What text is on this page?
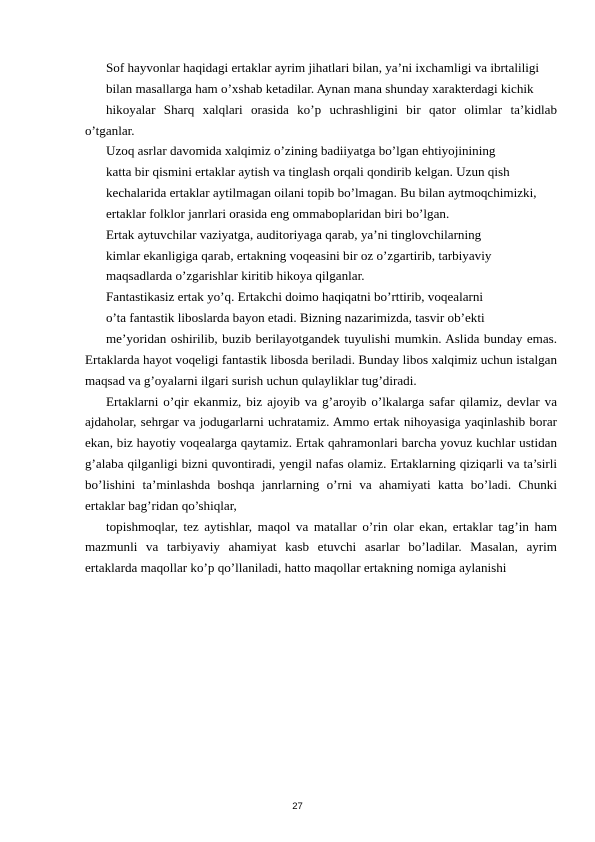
Sof hayvonlar haqidagi ertaklar ayrim jihatlari bilan, ya’ni ixchamligi va ibrtaliligi

bilan masallarga ham o’xshab ketadilar. Aynan mana shunday xarakterdagi kichik

hikoyalar Sharq xalqlari orasida ko’p uchrashligini bir qator olimlar ta’kidlab o’tganlar.

Uzoq asrlar davomida xalqimiz o’zining badiiyatga bo’lgan ehtiyojinining

katta bir qismini ertaklar aytish va tinglash orqali qondirib kelgan. Uzun qish

kechalarida ertaklar aytilmagan oilani topib bo’lmagan. Bu bilan aytmoqchimizki,

ertaklar folklor janrlari orasida eng ommaboplaridan biri bo’lgan.

Ertak aytuvchilar vaziyatga, auditoriyaga qarab, ya’ni tinglovchilarning

kimlar ekanligiga qarab, ertakning voqeasini bir oz o’zgartirib, tarbiyaviy

maqsadlarda o’zgarishlar kiritib hikoya qilganlar.

Fantastikasiz ertak yo’q. Ertakchi doimo haqiqatni bo’rttirib, voqealarni

o’ta fantastik liboslarda bayon etadi. Bizning nazarimizda, tasvir ob’ekti

me’yoridan oshirilib, buzib berilayotgandek tuyulishi mumkin. Aslida bunday emas. Ertaklarda hayot voqeligi fantastik libosda beriladi. Bunday libos xalqimiz uchun istalgan maqsad va g’oyalarni ilgari surish uchun qulayliklar tug’diradi.

Ertaklarni o’qir ekanmiz, biz ajoyib va g’aroyib o’lkalarga safar qilamiz, devlar va ajdaholar, sehrgar va jodugarlarni uchratamiz. Ammo ertak nihoyasiga yaqinlashib borar ekan, biz hayotiy voqealarga qaytamiz. Ertak qahramonlari barcha yovuz kuchlar ustidan g’alaba qilganligi bizni quvontiradi, yengil nafas olamiz. Ertaklarning qiziqarli va ta’sirli bo’lishini ta’minlashda boshqa janrlarning o’rni va ahamiyati katta bo’ladi. Chunki ertaklar bag’ridan qo’shiqlar,

topishmoqlar, tez aytishlar, maqol va matallar o’rin olar ekan, ertaklar tag’in ham mazmunli va tarbiyaviy ahamiyat kasb etuvchi asarlar bo’ladilar. Masalan, ayrim ertaklarda maqollar ko’p qo’llaniladi, hatto maqollar ertakning nomiga aylanishi

27
